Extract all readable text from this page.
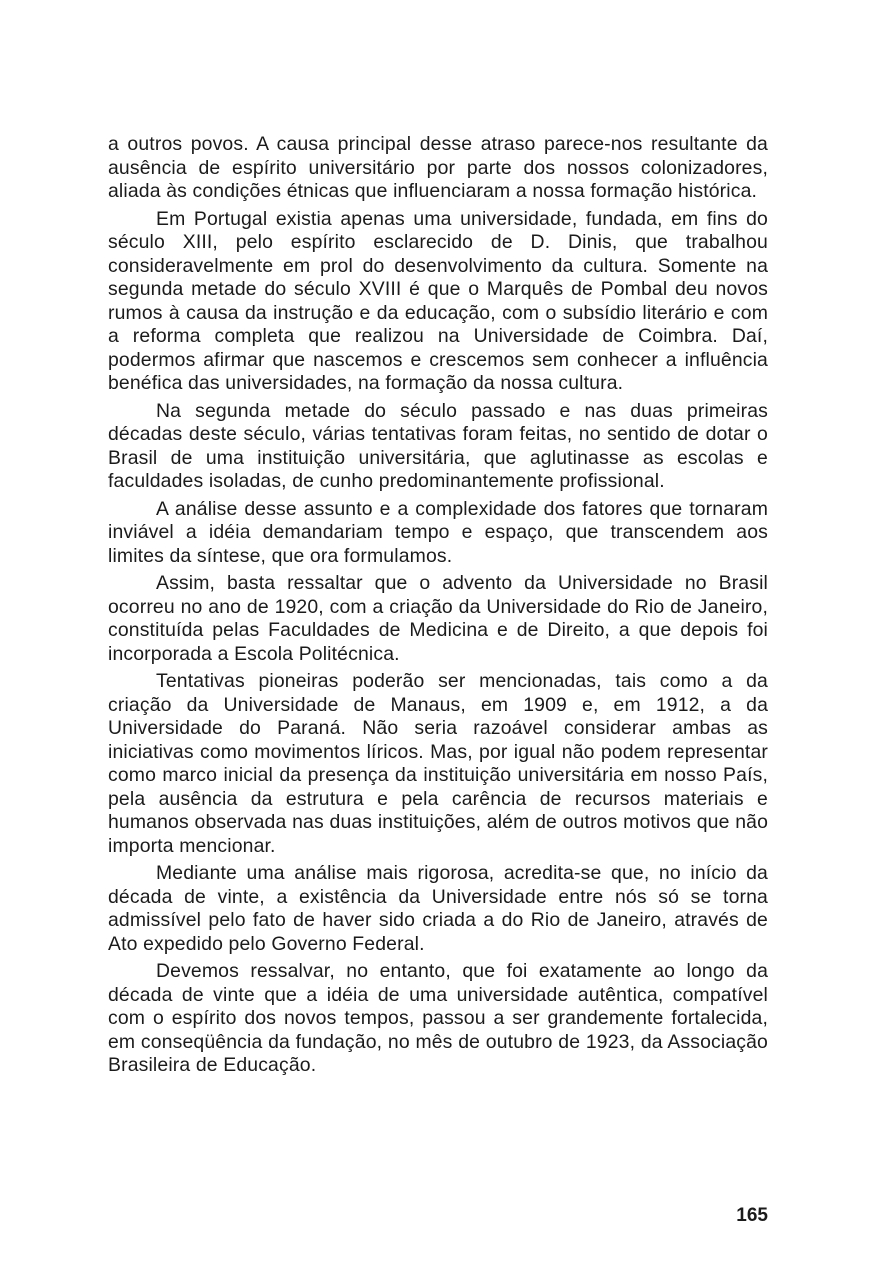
a outros povos. A causa principal desse atraso parece-nos resultante da ausência de espírito universitário por parte dos nossos colonizadores, aliada às condições étnicas que influenciaram a nossa formação histórica.

Em Portugal existia apenas uma universidade, fundada, em fins do século XIII, pelo espírito esclarecido de D. Dinis, que trabalhou consideravelmente em prol do desenvolvimento da cultura. Somente na segunda metade do século XVIII é que o Marquês de Pombal deu novos rumos à causa da instrução e da educação, com o subsídio literário e com a reforma completa que realizou na Universidade de Coimbra. Daí, podermos afirmar que nascemos e crescemos sem conhecer a influência benéfica das universidades, na formação da nossa cultura.

Na segunda metade do século passado e nas duas primeiras décadas deste século, várias tentativas foram feitas, no sentido de dotar o Brasil de uma instituição universitária, que aglutinasse as escolas e faculdades isoladas, de cunho predominantemente profissional.

A análise desse assunto e a complexidade dos fatores que tornaram inviável a idéia demandariam tempo e espaço, que transcendem aos limites da síntese, que ora formulamos.

Assim, basta ressaltar que o advento da Universidade no Brasil ocorreu no ano de 1920, com a criação da Universidade do Rio de Janeiro, constituída pelas Faculdades de Medicina e de Direito, a que depois foi incorporada a Escola Politécnica.

Tentativas pioneiras poderão ser mencionadas, tais como a da criação da Universidade de Manaus, em 1909 e, em 1912, a da Universidade do Paraná. Não seria razoável considerar ambas as iniciativas como movimentos líricos. Mas, por igual não podem representar como marco inicial da presença da instituição universitária em nosso País, pela ausência da estrutura e pela carência de recursos materiais e humanos observada nas duas instituições, além de outros motivos que não importa mencionar.

Mediante uma análise mais rigorosa, acredita-se que, no início da década de vinte, a existência da Universidade entre nós só se torna admissível pelo fato de haver sido criada a do Rio de Janeiro, através de Ato expedido pelo Governo Federal.

Devemos ressalvar, no entanto, que foi exatamente ao longo da década de vinte que a idéia de uma universidade autêntica, compatível com o espírito dos novos tempos, passou a ser grandemente fortalecida, em conseqüência da fundação, no mês de outubro de 1923, da Associação Brasileira de Educação.

165
